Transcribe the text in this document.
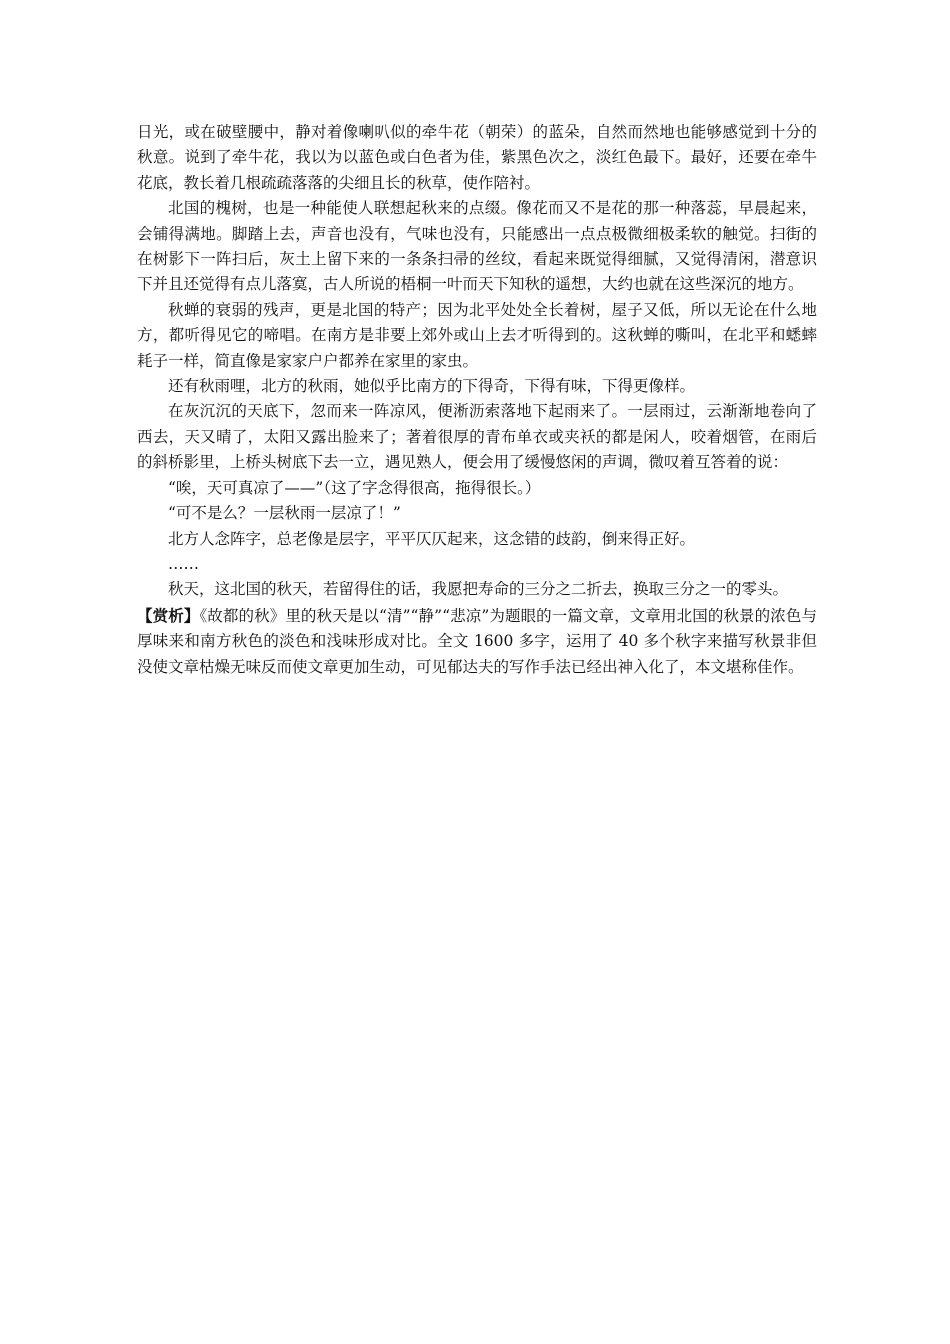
日光，或在破壁腰中，静对着像喇叭似的牵牛花（朝荣）的蓝朵，自然而然地也能够感觉到十分的秋意。说到了牵牛花，我以为以蓝色或白色者为佳，紫黑色次之，淡红色最下。最好，还要在牵牛花底，教长着几根疏疏落落的尖细且长的秋草，使作陪衬。

北国的槐树，也是一种能使人联想起秋来的点缀。像花而又不是花的那一种落蕊，早晨起来，会铺得满地。脚踏上去，声音也没有，气味也没有，只能感出一点点极微细极柔软的触觉。扫街的在树影下一阵扫后，灰土上留下来的一条条扫帚的丝纹，看起来既觉得细腻，又觉得清闲，潜意识下并且还觉得有点儿落寞，古人所说的梧桐一叶而天下知秋的遥想，大约也就在这些深沉的地方。

秋蝉的衰弱的残声，更是北国的特产；因为北平处处全长着树，屋子又低，所以无论在什么地方，都听得见它的啼唱。在南方是非要上郊外或山上去才听得到的。这秋蝉的嘶叫，在北平和蟋蟀耗子一样，简直像是家家户户都养在家里的家虫。

还有秋雨哩，北方的秋雨，她似乎比南方的下得奇，下得有味，下得更像样。

在灰沉沉的天底下，忽而来一阵凉风，便淅沥索落地下起雨来了。一层雨过，云渐渐地卷向了西去，天又晴了，太阳又露出脸来了；著着很厚的青布单衣或夹袄的都是闲人，咬着烟管，在雨后的斜桥影里，上桥头树底下去一立，遇见熟人，便会用了缓慢悠闲的声调，微叹着互答着的说：

“唉，天可真凉了——”（这了字念得很高，拖得很长。）

“可不是么？一层秋雨一层凉了！”

北方人念阵字，总老像是层字，平平仄仄起来，这念错的歧韵，倒来得正好。

……

秋天，这北国的秋天，若留得住的话，我愿把寿命的三分之二折去，换取三分之一的零头。

【赏析】《故都的秋》里的秋天是以“清”“静”“悲凉”为题眼的一篇文章，文章用北国的秋景的浓色与厚味来和南方秋色的淡色和浅味形成对比。全文 1600 多字，运用了 40 多个秋字来描写秋景非但没使文章枯燥无味反而使文章更加生动，可见郁达夫的写作手法已经出神入化了，本文堪称佳作。
